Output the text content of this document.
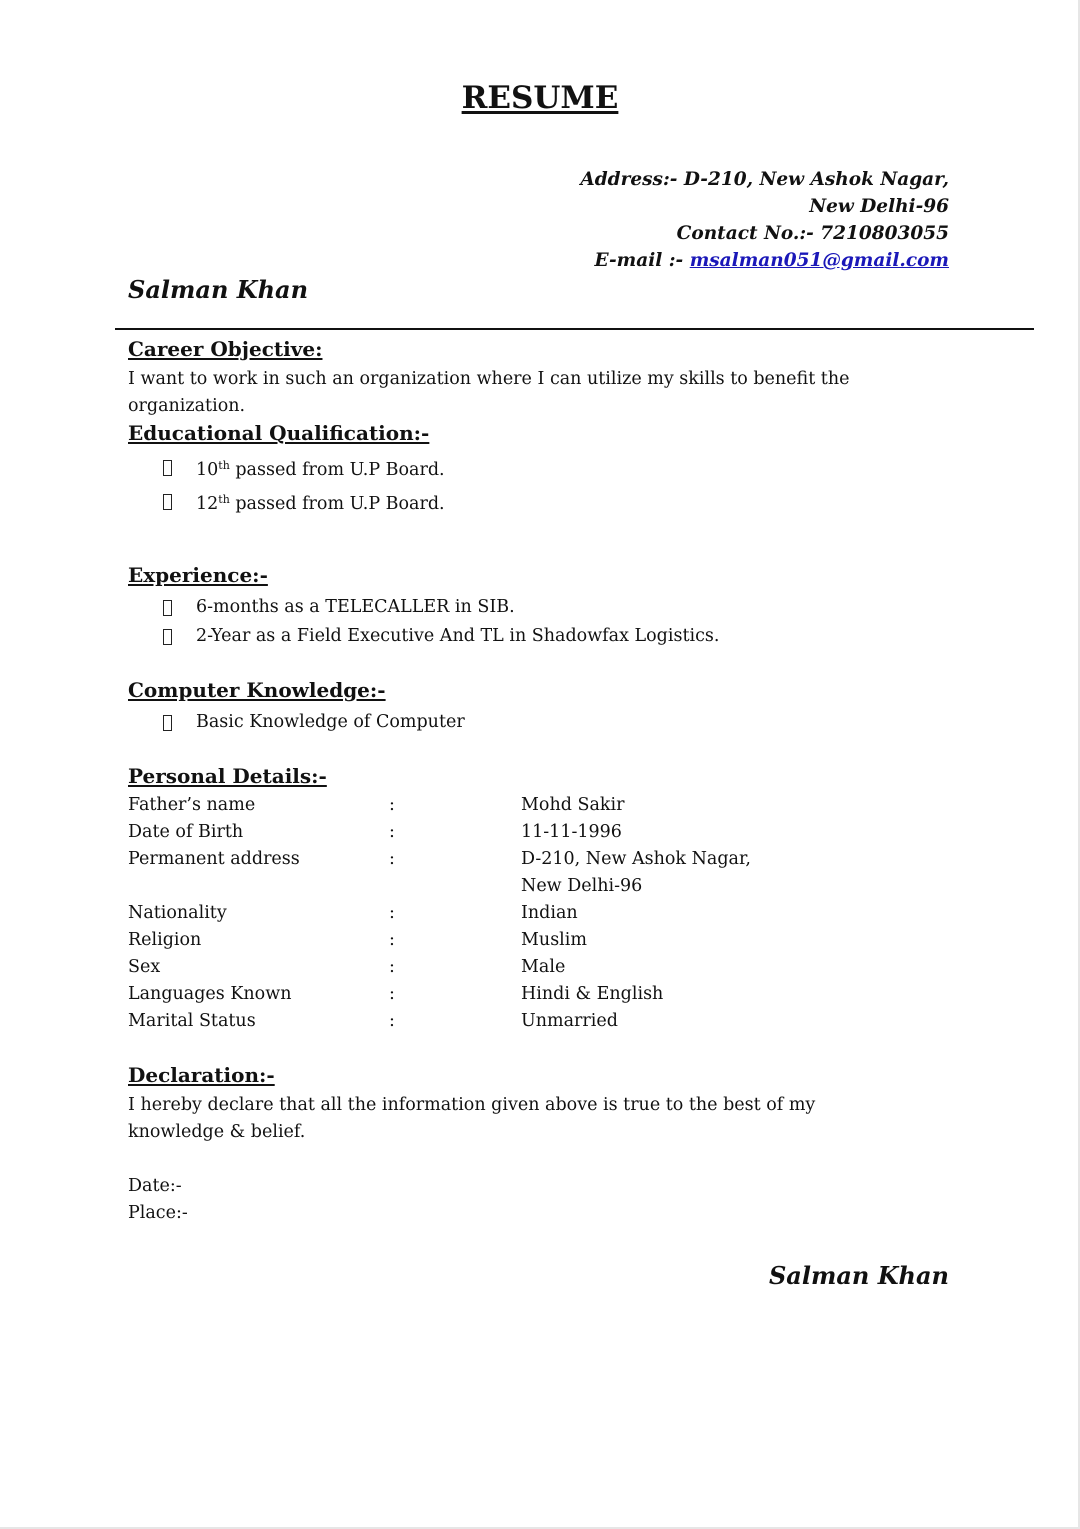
RESUME
Address:- D-210, New Ashok Nagar,
New Delhi-96
Contact No.:- 7210803055
E-mail :- msalman051@gmail.com
Salman Khan
Career Objective:
I want to work in such an organization where I can utilize my skills to benefit the organization.
Educational Qualification:-
10th passed from U.P Board.
12th passed from U.P Board.
Experience:-
6-months as a TELECALLER in SIB.
2-Year as a Field Executive And TL in Shadowfax Logistics.
Computer Knowledge:-
Basic Knowledge of Computer
Personal Details:-
Father’s name	:	Mohd Sakir
Date of Birth	:	11-11-1996
Permanent address	:	D-210, New Ashok Nagar,
New Delhi-96
Nationality	:	Indian
Religion	:	Muslim
Sex	:	Male
Languages Known	:	Hindi & English
Marital Status	:	Unmarried
Declaration:-
I hereby declare that all the information given above is true to the best of my knowledge & belief.
Date:-
Place:-
Salman Khan
